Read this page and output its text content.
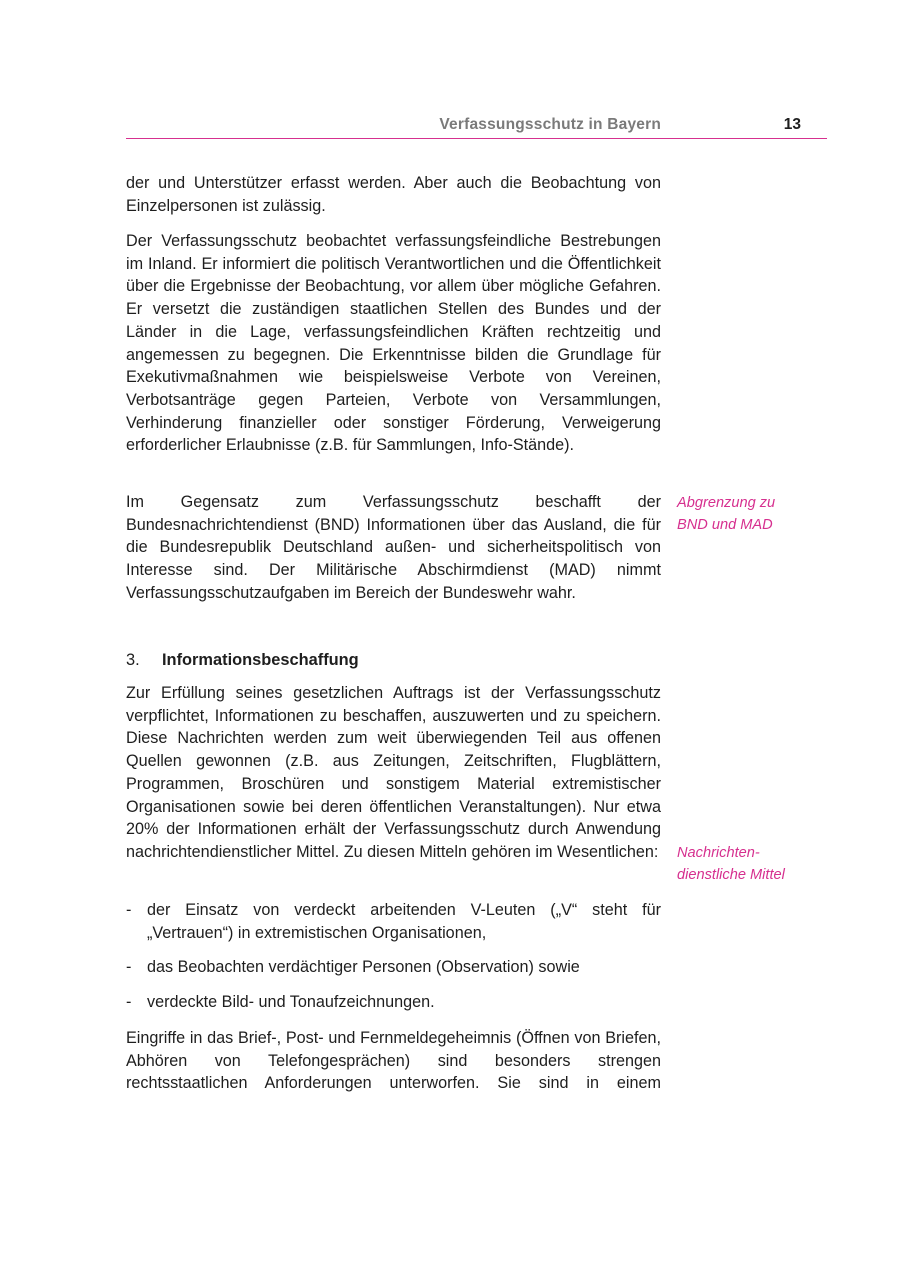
Verfassungsschutz in Bayern	13

der und Unterstützer erfasst werden. Aber auch die Beobachtung von Einzelpersonen ist zulässig.

Der Verfassungsschutz beobachtet verfassungsfeindliche Bestrebungen im Inland. Er informiert die politisch Verantwortlichen und die Öffentlichkeit über die Ergebnisse der Beobachtung, vor allem über mögliche Gefahren. Er versetzt die zuständigen staatlichen Stellen des Bundes und der Länder in die Lage, verfassungsfeindlichen Kräften rechtzeitig und angemessen zu begegnen. Die Erkenntnisse bilden die Grundlage für Exekutivmaßnahmen wie beispielsweise Verbote von Vereinen, Verbotsanträge gegen Parteien, Verbote von Versammlungen, Verhinderung finanzieller oder sonstiger Förderung, Verweigerung erforderlicher Erlaubnisse (z.B. für Sammlungen, Info-Stände).

Im Gegensatz zum Verfassungsschutz beschafft der Bundesnachrichtendienst (BND) Informationen über das Ausland, die für die Bundesrepublik Deutschland außen- und sicherheitspolitisch von Interesse sind. Der Militärische Abschirmdienst (MAD) nimmt Verfassungsschutzaufgaben im Bereich der Bundeswehr wahr.

Abgrenzung zu
BND und MAD
3. Informationsbeschaffung

Zur Erfüllung seines gesetzlichen Auftrags ist der Verfassungsschutz verpflichtet, Informationen zu beschaffen, auszuwerten und zu speichern. Diese Nachrichten werden zum weit überwiegenden Teil aus offenen Quellen gewonnen (z.B. aus Zeitungen, Zeitschriften, Flugblättern, Programmen, Broschüren und sonstigem Material extremistischer Organisationen sowie bei deren öffentlichen Veranstaltungen). Nur etwa 20% der Informationen erhält der Verfassungsschutz durch Anwendung nachrichtendienstlicher Mittel. Zu diesen Mitteln gehören im Wesentlichen: Nachrichten-
dienstliche Mittel
- der Einsatz von verdeckt arbeitenden V-Leuten („V“ steht für „Vertrauen“) in extremistischen Organisationen,
- das Beobachten verdächtiger Personen (Observation) sowie
- verdeckte Bild- und Tonaufzeichnungen.

Eingriffe in das Brief-, Post- und Fernmeldegeheimnis (Öffnen von Briefen, Abhören von Telefongesprächen) sind besonders strengen rechtsstaatlichen Anforderungen unterworfen. Sie sind in einem
